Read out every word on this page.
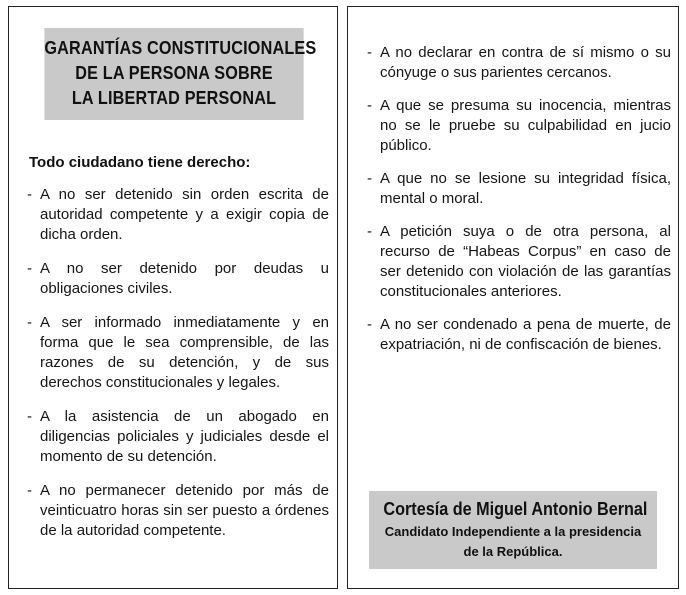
GARANTÍAS CONSTITUCIONALES
DE LA PERSONA SOBRE
LA LIBERTAD PERSONAL
Todo ciudadano tiene derecho:
- A no ser detenido sin orden escrita de autoridad competente y a exigir copia de dicha orden.
- A no ser detenido por deudas u obligaciones civiles.
- A ser informado inmediatamente y en forma que le sea comprensible, de las razones de su detención, y de sus derechos constitucionales y legales.
- A la asistencia de un abogado en diligencias policiales y judiciales desde el momento de su detención.
- A no permanecer detenido por más de veinticuatro horas sin ser puesto a órdenes de la autoridad competente.
- A no declarar en contra de sí mismo o su cónyuge o sus parientes cercanos.
- A que se presuma su inocencia, mientras no se le pruebe su culpabilidad en jucio público.
- A que no se lesione su integridad física, mental o moral.
- A petición suya o de otra persona, al recurso de “Habeas Corpus” en caso de ser detenido con violación de las garantías constitucionales anteriores.
- A no ser condenado a pena de muerte, de expatriación, ni de confiscación de bienes.
Cortesía de Miguel Antonio Bernal
Candidato Independiente a la presidencia
de la República.
